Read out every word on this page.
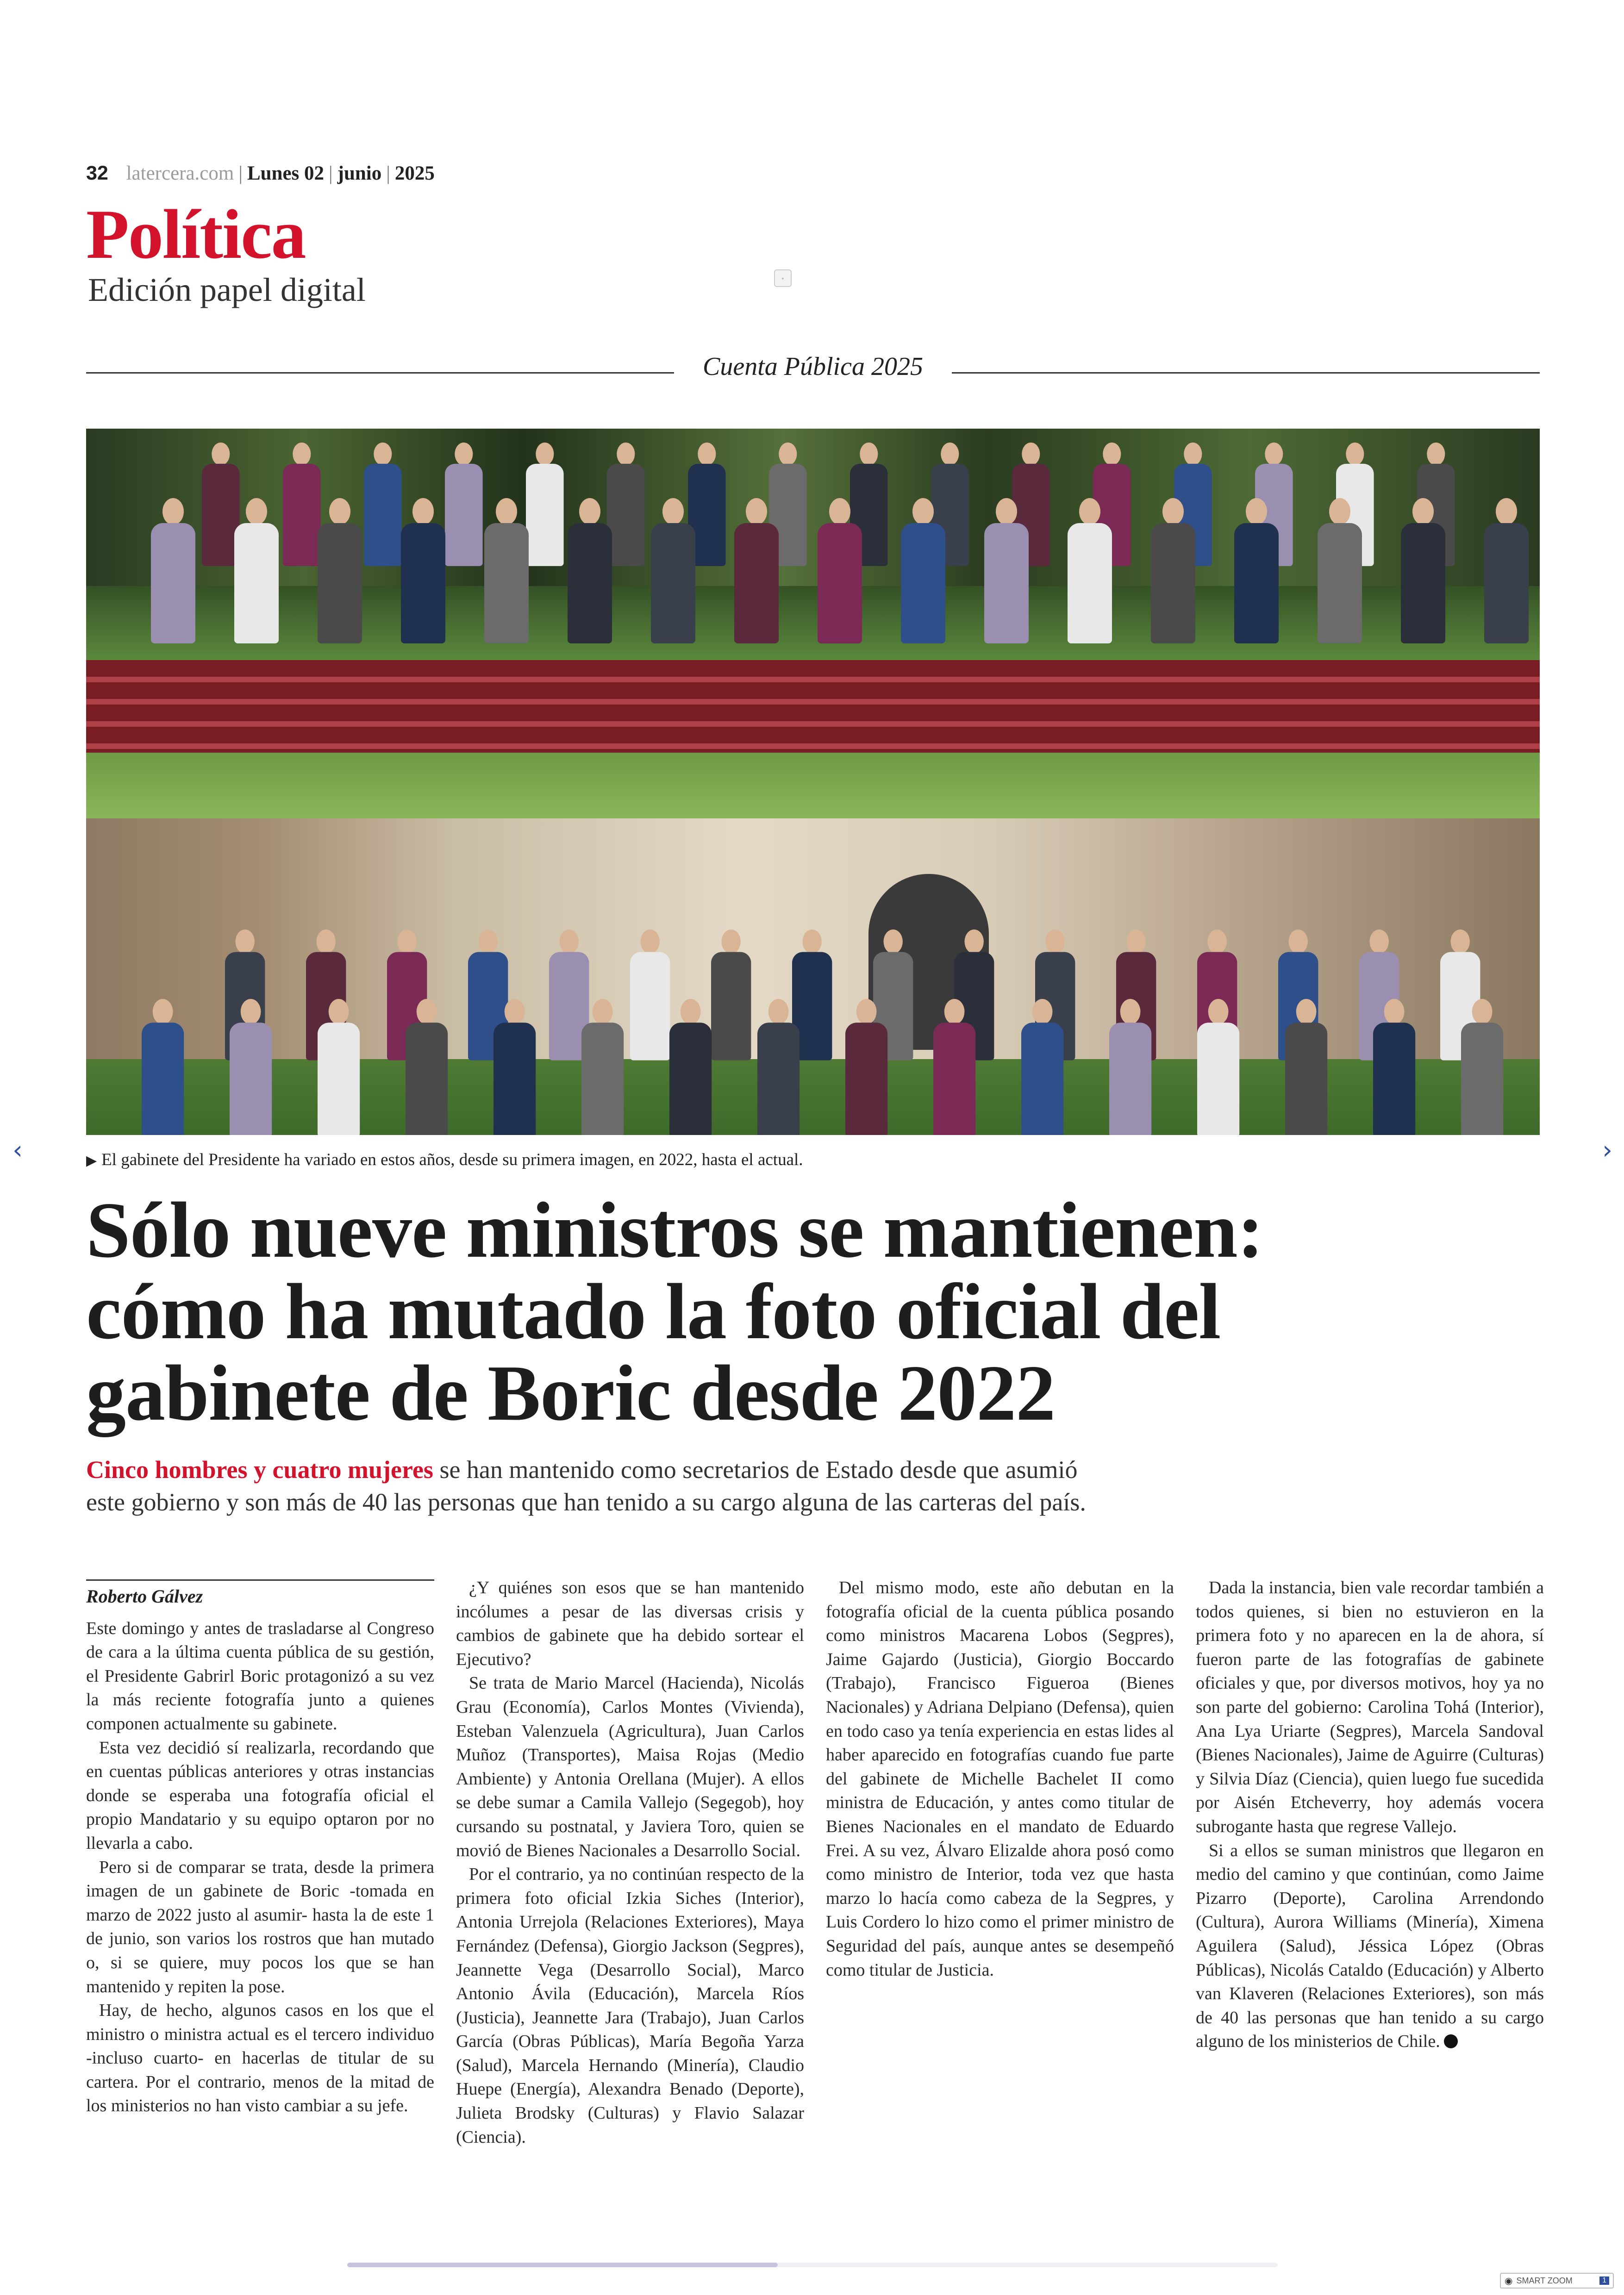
32 latercera.com | Lunes 02 | junio | 2025
Política
Edición papel digital	▪
Cuenta Pública 2025
▶ El gabinete del Presidente ha variado en estos años, desde su primera imagen, en 2022, hasta el actual.
Sólo nueve ministros se mantienen:
cómo ha mutado la foto oficial del
gabinete de Boric desde 2022
Cinco hombres y cuatro mujeres se han mantenido como secretarios de Estado desde que asumió
este gobierno y son más de 40 las personas que han tenido a su cargo alguna de las carteras del país.

Roberto Gálvez

Este domingo y antes de trasladarse al Congreso de cara a la última cuenta pública de su gestión, el Presidente Gabrirl Boric protagonizó a su vez la más reciente fotografía junto a quienes componen actualmente su gabinete.

Esta vez decidió sí realizarla, recordando que en cuentas públicas anteriores y otras instancias donde se esperaba una fotografía oficial el propio Mandatario y su equipo optaron por no llevarla a cabo.

Pero si de comparar se trata, desde la primera imagen de un gabinete de Boric -tomada en marzo de 2022 justo al asumir- hasta la de este 1 de junio, son varios los rostros que han mutado o, si se quiere, muy pocos los que se han mantenido y repiten la pose.

Hay, de hecho, algunos casos en los que el ministro o ministra actual es el tercero individuo -incluso cuarto- en hacerlas de titular de su cartera. Por el contrario, menos de la mitad de los ministerios no han visto cambiar a su jefe.

¿Y quiénes son esos que se han mantenido incólumes a pesar de las diversas crisis y cambios de gabinete que ha debido sortear el Ejecutivo?

Se trata de Mario Marcel (Hacienda), Nicolás Grau (Economía), Carlos Montes (Vivienda), Esteban Valenzuela (Agricultura), Juan Carlos Muñoz (Transportes), Maisa Rojas (Medio Ambiente) y Antonia Orellana (Mujer). A ellos se debe sumar a Camila Vallejo (Segegob), hoy cursando su postnatal, y Javiera Toro, quien se movió de Bienes Nacionales a Desarrollo Social.

Por el contrario, ya no continúan respecto de la primera foto oficial Izkia Siches (Interior), Antonia Urrejola (Relaciones Exteriores), Maya Fernández (Defensa), Giorgio Jackson (Segpres), Jeannette Vega (Desarrollo Social), Marco Antonio Ávila (Educación), Marcela Ríos (Justicia), Jeannette Jara (Trabajo), Juan Carlos García (Obras Públicas), María Begoña Yarza (Salud), Marcela Hernando (Minería), Claudio Huepe (Energía), Alexandra Benado (Deporte), Julieta Brodsky (Culturas) y Flavio Salazar (Ciencia).

Del mismo modo, este año debutan en la fotografía oficial de la cuenta pública posando como ministros Macarena Lobos (Segpres), Jaime Gajardo (Justicia), Giorgio Boccardo (Trabajo), Francisco Figueroa (Bienes Nacionales) y Adriana Delpiano (Defensa), quien en todo caso ya tenía experiencia en estas lides al haber aparecido en fotografías cuando fue parte del gabinete de Michelle Bachelet II como ministra de Educación, y antes como titular de Bienes Nacionales en el mandato de Eduardo Frei. A su vez, Álvaro Elizalde ahora posó como como ministro de Interior, toda vez que hasta marzo lo hacía como cabeza de la Segpres, y Luis Cordero lo hizo como el primer ministro de Seguridad del país, aunque antes se desempeñó como titular de Justicia.

Dada la instancia, bien vale recordar también a todos quienes, si bien no estuvieron en la primera foto y no aparecen en la de ahora, sí fueron parte de las fotografías de gabinete oficiales y que, por diversos motivos, hoy ya no son parte del gobierno: Carolina Tohá (Interior), Ana Lya Uriarte (Segpres), Marcela Sandoval (Bienes Nacionales), Jaime de Aguirre (Culturas) y Silvia Díaz (Ciencia), quien luego fue sucedida por Aisén Etcheverry, hoy además vocera subrogante hasta que regrese Vallejo.

Si a ellos se suman ministros que llegaron en medio del camino y que continúan, como Jaime Pizarro (Deporte), Carolina Arrendondo (Cultura), Aurora Williams (Minería), Ximena Aguilera (Salud), Jéssica López (Obras Públicas), Nicolás Cataldo (Educación) y Alberto van Klaveren (Relaciones Exteriores), son más de 40 las personas que han tenido a su cargo alguno de los ministerios de Chile.

‹	›
◉ SMART ZOOM	1
